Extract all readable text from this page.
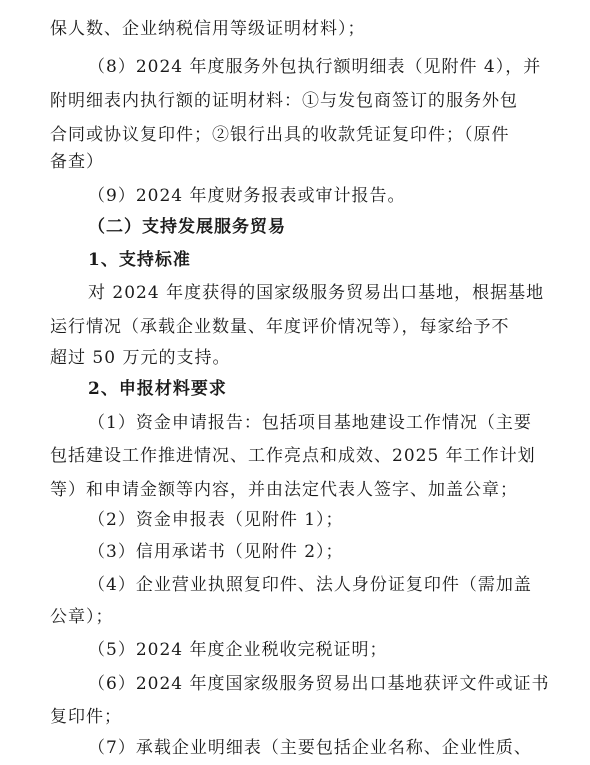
保人数、企业纳税信用等级证明材料）；
（8）2024 年度服务外包执行额明细表（见附件 4），并
附明细表内执行额的证明材料：①与发包商签订的服务外包
合同或协议复印件；②银行出具的收款凭证复印件；（原件
备查）
（9）2024 年度财务报表或审计报告。
（二）支持发展服务贸易
1、支持标准
对 2024 年度获得的国家级服务贸易出口基地，根据基地
运行情况（承载企业数量、年度评价情况等），每家给予不
超过 50 万元的支持。
2、申报材料要求
（1）资金申请报告：包括项目基地建设工作情况（主要
包括建设工作推进情况、工作亮点和成效、2025 年工作计划
等）和申请金额等内容，并由法定代表人签字、加盖公章；
（2）资金申报表（见附件 1）；
（3）信用承诺书（见附件 2）；
（4）企业营业执照复印件、法人身份证复印件（需加盖
公章）；
（5）2024 年度企业税收完税证明；
（6）2024 年度国家级服务贸易出口基地获评文件或证书
复印件；
（7）承载企业明细表（主要包括企业名称、企业性质、
